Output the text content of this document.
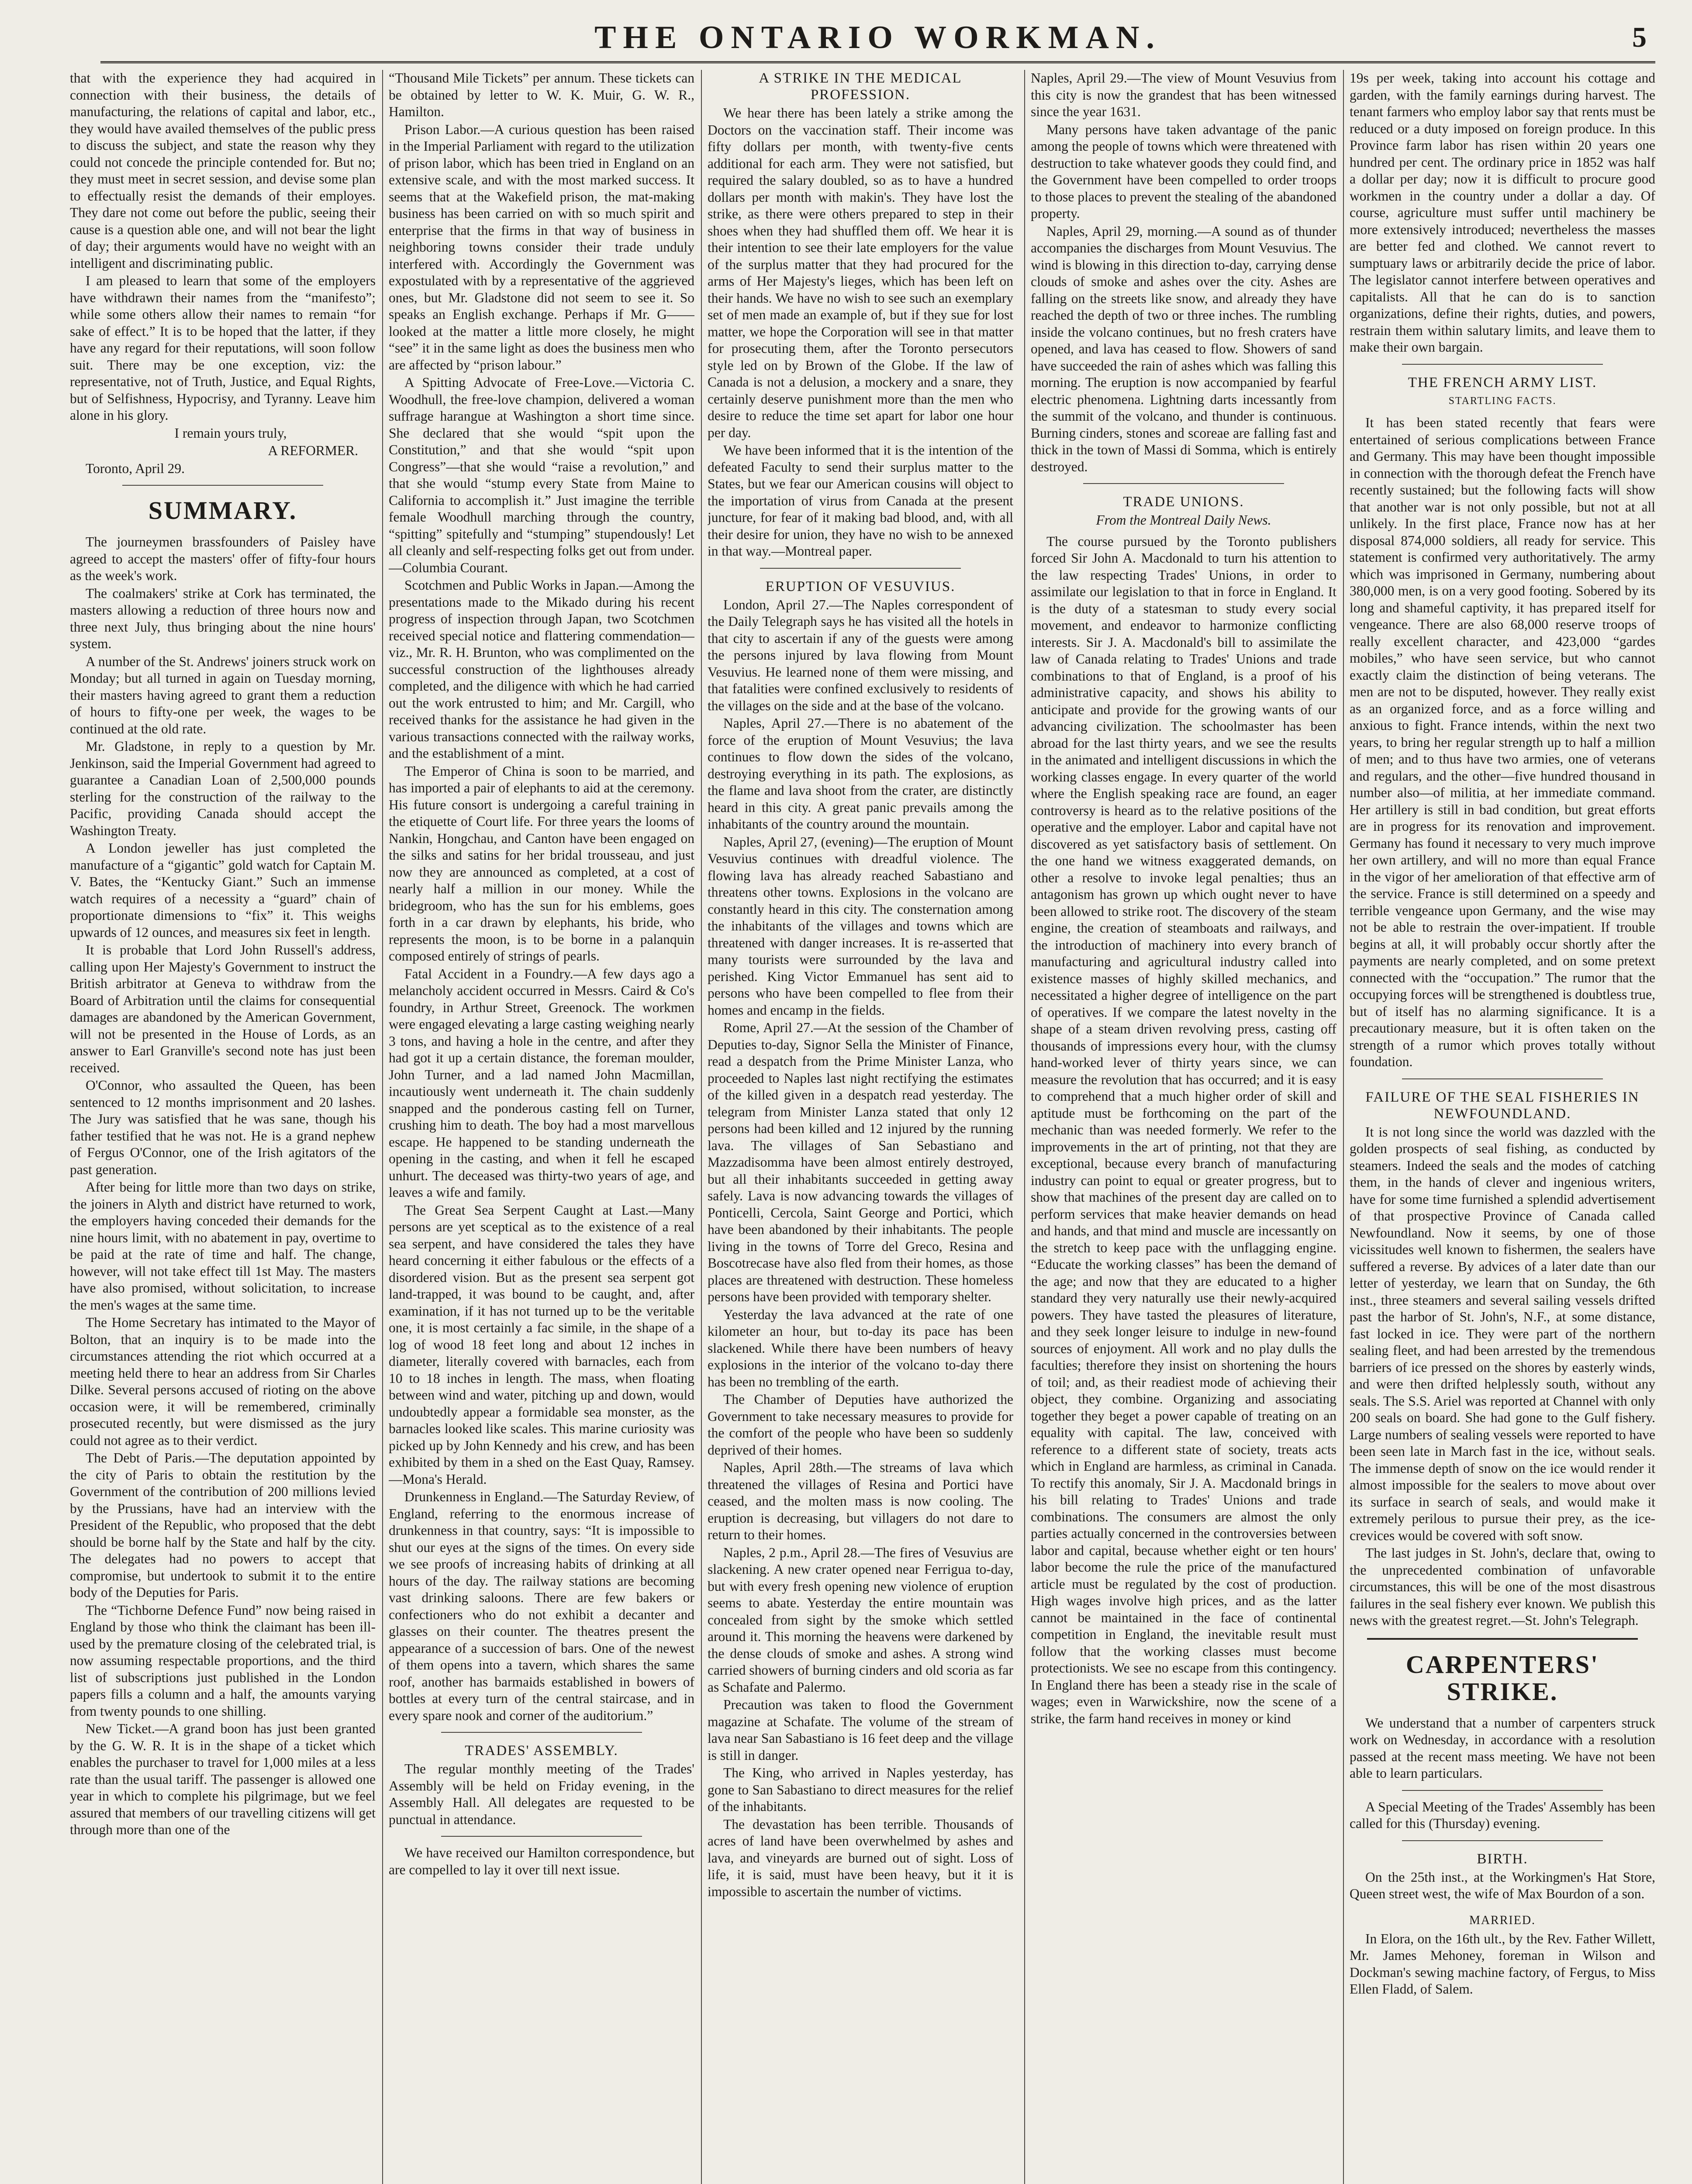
THE ONTARIO WORKMAN.	5

that with the experience they had acquired in connection with their business, the details of manufacturing, the relations of capital and labor, etc., they would have availed themselves of the public press to discuss the subject, and state the reason why they could not concede the principle contended for. But no; they must meet in secret session, and devise some plan to effectually resist the demands of their employes. They dare not come out before the public, seeing their cause is a question able one, and will not bear the light of day; their arguments would have no weight with an intelligent and discriminating public.

I am pleased to learn that some of the employers have withdrawn their names from the “manifesto”; while some others allow their names to remain “for sake of effect.” It is to be hoped that the latter, if they have any regard for their reputations, will soon follow suit. There may be one exception, viz: the representative, not of Truth, Justice, and Equal Rights, but of Selfishness, Hypocrisy, and Tyranny. Leave him alone in his glory.

I remain yours truly,

A REFORMER.

Toronto, April 29.

SUMMARY.

The journeymen brassfounders of Paisley have agreed to accept the masters' offer of fifty-four hours as the week's work.

The coalmakers' strike at Cork has terminated, the masters allowing a reduction of three hours now and three next July, thus bringing about the nine hours' system.

A number of the St. Andrews' joiners struck work on Monday; but all turned in again on Tuesday morning, their masters having agreed to grant them a reduction of hours to fifty-one per week, the wages to be continued at the old rate.

Mr. Gladstone, in reply to a question by Mr. Jenkinson, said the Imperial Government had agreed to guarantee a Canadian Loan of 2,500,000 pounds sterling for the construction of the railway to the Pacific, providing Canada should accept the Washington Treaty.

A London jeweller has just completed the manufacture of a “gigantic” gold watch for Captain M. V. Bates, the “Kentucky Giant.” Such an immense watch requires of a necessity a “guard” chain of proportionate dimensions to “fix” it. This weighs upwards of 12 ounces, and measures six feet in length.

It is probable that Lord John Russell's address, calling upon Her Majesty's Government to instruct the British arbitrator at Geneva to withdraw from the Board of Arbitration until the claims for consequential damages are abandoned by the American Government, will not be presented in the House of Lords, as an answer to Earl Granville's second note has just been received.

O'Connor, who assaulted the Queen, has been sentenced to 12 months imprisonment and 20 lashes. The Jury was satisfied that he was sane, though his father testified that he was not. He is a grand nephew of Fergus O'Connor, one of the Irish agitators of the past generation.

After being for little more than two days on strike, the joiners in Alyth and district have returned to work, the employers having conceded their demands for the nine hours limit, with no abatement in pay, overtime to be paid at the rate of time and half. The change, however, will not take effect till 1st May. The masters have also promised, without solicitation, to increase the men's wages at the same time.

The Home Secretary has intimated to the Mayor of Bolton, that an inquiry is to be made into the circumstances attending the riot which occurred at a meeting held there to hear an address from Sir Charles Dilke. Several persons accused of rioting on the above occasion were, it will be remembered, criminally prosecuted recently, but were dismissed as the jury could not agree as to their verdict.

The Debt of Paris.—The deputation appointed by the city of Paris to obtain the restitution by the Government of the contribution of 200 millions levied by the Prussians, have had an interview with the President of the Republic, who proposed that the debt should be borne half by the State and half by the city. The delegates had no powers to accept that compromise, but undertook to submit it to the entire body of the Deputies for Paris.

The “Tichborne Defence Fund” now being raised in England by those who think the claimant has been ill-used by the premature closing of the celebrated trial, is now assuming respectable proportions, and the third list of subscriptions just published in the London papers fills a column and a half, the amounts varying from twenty pounds to one shilling.

New Ticket.—A grand boon has just been granted by the G. W. R. It is in the shape of a ticket which enables the purchaser to travel for 1,000 miles at a less rate than the usual tariff. The passenger is allowed one year in which to complete his pilgrimage, but we feel assured that members of our travelling citizens will get through more than one of the

“Thousand Mile Tickets” per annum. These tickets can be obtained by letter to W. K. Muir, G. W. R., Hamilton.

Prison Labor.—A curious question has been raised in the Imperial Parliament with regard to the utilization of prison labor, which has been tried in England on an extensive scale, and with the most marked success. It seems that at the Wakefield prison, the mat-making business has been carried on with so much spirit and enterprise that the firms in that way of business in neighboring towns consider their trade unduly interfered with. Accordingly the Government was expostulated with by a representative of the aggrieved ones, but Mr. Gladstone did not seem to see it. So speaks an English exchange. Perhaps if Mr. G—— looked at the matter a little more closely, he might “see” it in the same light as does the business men who are affected by “prison labour.”

A Spitting Advocate of Free-Love.—Victoria C. Woodhull, the free-love champion, delivered a woman suffrage harangue at Washington a short time since. She declared that she would “spit upon the Constitution,” and that she would “spit upon Congress”—that she would “raise a revolution,” and that she would “stump every State from Maine to California to accomplish it.” Just imagine the terrible female Woodhull marching through the country, “spitting” spitefully and “stumping” stupendously! Let all cleanly and self-respecting folks get out from under.—Columbia Courant.

Scotchmen and Public Works in Japan.—Among the presentations made to the Mikado during his recent progress of inspection through Japan, two Scotchmen received special notice and flattering commendation—viz., Mr. R. H. Brunton, who was complimented on the successful construction of the lighthouses already completed, and the diligence with which he had carried out the work entrusted to him; and Mr. Cargill, who received thanks for the assistance he had given in the various transactions connected with the railway works, and the establishment of a mint.

The Emperor of China is soon to be married, and has imported a pair of elephants to aid at the ceremony. His future consort is undergoing a careful training in the etiquette of Court life. For three years the looms of Nankin, Hongchau, and Canton have been engaged on the silks and satins for her bridal trousseau, and just now they are announced as completed, at a cost of nearly half a million in our money. While the bridegroom, who has the sun for his emblems, goes forth in a car drawn by elephants, his bride, who represents the moon, is to be borne in a palanquin composed entirely of strings of pearls.

Fatal Accident in a Foundry.—A few days ago a melancholy accident occurred in Messrs. Caird & Co's foundry, in Arthur Street, Greenock. The workmen were engaged elevating a large casting weighing nearly 3 tons, and having a hole in the centre, and after they had got it up a certain distance, the foreman moulder, John Turner, and a lad named John Macmillan, incautiously went underneath it. The chain suddenly snapped and the ponderous casting fell on Turner, crushing him to death. The boy had a most marvellous escape. He happened to be standing underneath the opening in the casting, and when it fell he escaped unhurt. The deceased was thirty-two years of age, and leaves a wife and family.

The Great Sea Serpent Caught at Last.—Many persons are yet sceptical as to the existence of a real sea serpent, and have considered the tales they have heard concerning it either fabulous or the effects of a disordered vision. But as the present sea serpent got land-trapped, it was bound to be caught, and, after examination, if it has not turned up to be the veritable one, it is most certainly a fac simile, in the shape of a log of wood 18 feet long and about 12 inches in diameter, literally covered with barnacles, each from 10 to 18 inches in length. The mass, when floating between wind and water, pitching up and down, would undoubtedly appear a formidable sea monster, as the barnacles looked like scales. This marine curiosity was picked up by John Kennedy and his crew, and has been exhibited by them in a shed on the East Quay, Ramsey.—Mona's Herald.

Drunkenness in England.—The Saturday Review, of England, referring to the enormous increase of drunkenness in that country, says: “It is impossible to shut our eyes at the signs of the times. On every side we see proofs of increasing habits of drinking at all hours of the day. The railway stations are becoming vast drinking saloons. There are few bakers or confectioners who do not exhibit a decanter and glasses on their counter. The theatres present the appearance of a succession of bars. One of the newest of them opens into a tavern, which shares the same roof, another has barmaids established in bowers of bottles at every turn of the central staircase, and in every spare nook and corner of the auditorium.”

TRADES' ASSEMBLY.

The regular monthly meeting of the Trades' Assembly will be held on Friday evening, in the Assembly Hall. All delegates are requested to be punctual in attendance.

We have received our Hamilton correspondence, but are compelled to lay it over till next issue.

A STRIKE IN THE MEDICAL PROFESSION.

We hear there has been lately a strike among the Doctors on the vaccination staff. Their income was fifty dollars per month, with twenty-five cents additional for each arm. They were not satisfied, but required the salary doubled, so as to have a hundred dollars per month with makin's. They have lost the strike, as there were others prepared to step in their shoes when they had shuffled them off. We hear it is their intention to see their late employers for the value of the surplus matter that they had procured for the arms of Her Majesty's lieges, which has been left on their hands. We have no wish to see such an exemplary set of men made an example of, but if they sue for lost matter, we hope the Corporation will see in that matter for prosecuting them, after the Toronto persecutors style led on by Brown of the Globe. If the law of Canada is not a delusion, a mockery and a snare, they certainly deserve punishment more than the men who desire to reduce the time set apart for labor one hour per day.

We have been informed that it is the intention of the defeated Faculty to send their surplus matter to the States, but we fear our American cousins will object to the importation of virus from Canada at the present juncture, for fear of it making bad blood, and, with all their desire for union, they have no wish to be annexed in that way.—Montreal paper.

ERUPTION OF VESUVIUS.

London, April 27.—The Naples correspondent of the Daily Telegraph says he has visited all the hotels in that city to ascertain if any of the guests were among the persons injured by lava flowing from Mount Vesuvius. He learned none of them were missing, and that fatalities were confined exclusively to residents of the villages on the side and at the base of the volcano.

Naples, April 27.—There is no abatement of the force of the eruption of Mount Vesuvius; the lava continues to flow down the sides of the volcano, destroying everything in its path. The explosions, as the flame and lava shoot from the crater, are distinctly heard in this city. A great panic prevails among the inhabitants of the country around the mountain.

Naples, April 27, (evening)—The eruption of Mount Vesuvius continues with dreadful violence. The flowing lava has already reached Sabastiano and threatens other towns. Explosions in the volcano are constantly heard in this city. The consternation among the inhabitants of the villages and towns which are threatened with danger increases. It is re-asserted that many tourists were surrounded by the lava and perished. King Victor Emmanuel has sent aid to persons who have been compelled to flee from their homes and encamp in the fields.

Rome, April 27.—At the session of the Chamber of Deputies to-day, Signor Sella the Minister of Finance, read a despatch from the Prime Minister Lanza, who proceeded to Naples last night rectifying the estimates of the killed given in a despatch read yesterday. The telegram from Minister Lanza stated that only 12 persons had been killed and 12 injured by the running lava. The villages of San Sebastiano and Mazzadisomma have been almost entirely destroyed, but all their inhabitants succeeded in getting away safely. Lava is now advancing towards the villages of Ponticelli, Cercola, Saint George and Portici, which have been abandoned by their inhabitants. The people living in the towns of Torre del Greco, Resina and Boscotrecase have also fled from their homes, as those places are threatened with destruction. These homeless persons have been provided with temporary shelter.

Yesterday the lava advanced at the rate of one kilometer an hour, but to-day its pace has been slackened. While there have been numbers of heavy explosions in the interior of the volcano to-day there has been no trembling of the earth.

The Chamber of Deputies have authorized the Government to take necessary measures to provide for the comfort of the people who have been so suddenly deprived of their homes.

Naples, April 28th.—The streams of lava which threatened the villages of Resina and Portici have ceased, and the molten mass is now cooling. The eruption is decreasing, but villagers do not dare to return to their homes.

Naples, 2 p.m., April 28.—The fires of Vesuvius are slackening. A new crater opened near Ferrigua to-day, but with every fresh opening new violence of eruption seems to abate. Yesterday the entire mountain was concealed from sight by the smoke which settled around it. This morning the heavens were darkened by the dense clouds of smoke and ashes. A strong wind carried showers of burning cinders and old scoria as far as Schafate and Palermo.

Precaution was taken to flood the Government magazine at Schafate. The volume of the stream of lava near San Sabastiano is 16 feet deep and the village is still in danger.

The King, who arrived in Naples yesterday, has gone to San Sabastiano to direct measures for the relief of the inhabitants.

The devastation has been terrible. Thousands of acres of land have been overwhelmed by ashes and lava, and vineyards are burned out of sight. Loss of life, it is said, must have been heavy, but it it is impossible to ascertain the number of victims.

Naples, April 29.—The view of Mount Vesuvius from this city is now the grandest that has been witnessed since the year 1631.

Many persons have taken advantage of the panic among the people of towns which were threatened with destruction to take whatever goods they could find, and the Government have been compelled to order troops to those places to prevent the stealing of the abandoned property.

Naples, April 29, morning.—A sound as of thunder accompanies the discharges from Mount Vesuvius. The wind is blowing in this direction to-day, carrying dense clouds of smoke and ashes over the city. Ashes are falling on the streets like snow, and already they have reached the depth of two or three inches. The rumbling inside the volcano continues, but no fresh craters have opened, and lava has ceased to flow. Showers of sand have succeeded the rain of ashes which was falling this morning. The eruption is now accompanied by fearful electric phenomena. Lightning darts incessantly from the summit of the volcano, and thunder is continuous. Burning cinders, stones and scoreae are falling fast and thick in the town of Massi di Somma, which is entirely destroyed.

TRADE UNIONS.

From the Montreal Daily News.

The course pursued by the Toronto publishers forced Sir John A. Macdonald to turn his attention to the law respecting Trades' Unions, in order to assimilate our legislation to that in force in England. It is the duty of a statesman to study every social movement, and endeavor to harmonize conflicting interests. Sir J. A. Macdonald's bill to assimilate the law of Canada relating to Trades' Unions and trade combinations to that of England, is a proof of his administrative capacity, and shows his ability to anticipate and provide for the growing wants of our advancing civilization. The schoolmaster has been abroad for the last thirty years, and we see the results in the animated and intelligent discussions in which the working classes engage. In every quarter of the world where the English speaking race are found, an eager controversy is heard as to the relative positions of the operative and the employer. Labor and capital have not discovered as yet satisfactory basis of settlement. On the one hand we witness exaggerated demands, on other a resolve to invoke legal penalties; thus an antagonism has grown up which ought never to have been allowed to strike root. The discovery of the steam engine, the creation of steamboats and railways, and the introduction of machinery into every branch of manufacturing and agricultural industry called into existence masses of highly skilled mechanics, and necessitated a higher degree of intelligence on the part of operatives. If we compare the latest novelty in the shape of a steam driven revolving press, casting off thousands of impressions every hour, with the clumsy hand-worked lever of thirty years since, we can measure the revolution that has occurred; and it is easy to comprehend that a much higher order of skill and aptitude must be forthcoming on the part of the mechanic than was needed formerly. We refer to the improvements in the art of printing, not that they are exceptional, because every branch of manufacturing industry can point to equal or greater progress, but to show that machines of the present day are called on to perform services that make heavier demands on head and hands, and that mind and muscle are incessantly on the stretch to keep pace with the unflagging engine. “Educate the working classes” has been the demand of the age; and now that they are educated to a higher standard they very naturally use their newly-acquired powers. They have tasted the pleasures of literature, and they seek longer leisure to indulge in new-found sources of enjoyment. All work and no play dulls the faculties; therefore they insist on shortening the hours of toil; and, as their readiest mode of achieving their object, they combine. Organizing and associating together they beget a power capable of treating on an equality with capital. The law, conceived with reference to a different state of society, treats acts which in England are harmless, as criminal in Canada. To rectify this anomaly, Sir J. A. Macdonald brings in his bill relating to Trades' Unions and trade combinations. The consumers are almost the only parties actually concerned in the controversies between labor and capital, because whether eight or ten hours' labor become the rule the price of the manufactured article must be regulated by the cost of production. High wages involve high prices, and as the latter cannot be maintained in the face of continental competition in England, the inevitable result must follow that the working classes must become protectionists. We see no escape from this contingency. In England there has been a steady rise in the scale of wages; even in Warwickshire, now the scene of a strike, the farm hand receives in money or kind

19s per week, taking into account his cottage and garden, with the family earnings during harvest. The tenant farmers who employ labor say that rents must be reduced or a duty imposed on foreign produce. In this Province farm labor has risen within 20 years one hundred per cent. The ordinary price in 1852 was half a dollar per day; now it is difficult to procure good workmen in the country under a dollar a day. Of course, agriculture must suffer until machinery be more extensively introduced; nevertheless the masses are better fed and clothed. We cannot revert to sumptuary laws or arbitrarily decide the price of labor. The legislator cannot interfere between operatives and capitalists. All that he can do is to sanction organizations, define their rights, duties, and powers, restrain them within salutary limits, and leave them to make their own bargain.

THE FRENCH ARMY LIST.
STARTLING FACTS.

It has been stated recently that fears were entertained of serious complications between France and Germany. This may have been thought impossible in connection with the thorough defeat the French have recently sustained; but the following facts will show that another war is not only possible, but not at all unlikely. In the first place, France now has at her disposal 874,000 soldiers, all ready for service. This statement is confirmed very authoritatively. The army which was imprisoned in Germany, numbering about 380,000 men, is on a very good footing. Sobered by its long and shameful captivity, it has prepared itself for vengeance. There are also 68,000 reserve troops of really excellent character, and 423,000 “gardes mobiles,” who have seen service, but who cannot exactly claim the distinction of being veterans. The men are not to be disputed, however. They really exist as an organized force, and as a force willing and anxious to fight. France intends, within the next two years, to bring her regular strength up to half a million of men; and to thus have two armies, one of veterans and regulars, and the other—five hundred thousand in number also—of militia, at her immediate command. Her artillery is still in bad condition, but great efforts are in progress for its renovation and improvement. Germany has found it necessary to very much improve her own artillery, and will no more than equal France in the vigor of her amelioration of that effective arm of the service. France is still determined on a speedy and terrible vengeance upon Germany, and the wise may not be able to restrain the over-impatient. If trouble begins at all, it will probably occur shortly after the payments are nearly completed, and on some pretext connected with the “occupation.” The rumor that the occupying forces will be strengthened is doubtless true, but of itself has no alarming significance. It is a precautionary measure, but it is often taken on the strength of a rumor which proves totally without foundation.

FAILURE OF THE SEAL FISHERIES IN NEWFOUNDLAND.

It is not long since the world was dazzled with the golden prospects of seal fishing, as conducted by steamers. Indeed the seals and the modes of catching them, in the hands of clever and ingenious writers, have for some time furnished a splendid advertisement of that prospective Province of Canada called Newfoundland. Now it seems, by one of those vicissitudes well known to fishermen, the sealers have suffered a reverse. By advices of a later date than our letter of yesterday, we learn that on Sunday, the 6th inst., three steamers and several sailing vessels drifted past the harbor of St. John's, N.F., at some distance, fast locked in ice. They were part of the northern sealing fleet, and had been arrested by the tremendous barriers of ice pressed on the shores by easterly winds, and were then drifted helplessly south, without any seals. The S.S. Ariel was reported at Channel with only 200 seals on board. She had gone to the Gulf fishery. Large numbers of sealing vessels were reported to have been seen late in March fast in the ice, without seals. The immense depth of snow on the ice would render it almost impossible for the sealers to move about over its surface in search of seals, and would make it extremely perilous to pursue their prey, as the ice-crevices would be covered with soft snow.

The last judges in St. John's, declare that, owing to the unprecedented combination of unfavorable circumstances, this will be one of the most disastrous failures in the seal fishery ever known. We publish this news with the greatest regret.—St. John's Telegraph.

CARPENTERS' STRIKE.

We understand that a number of carpenters struck work on Wednesday, in accordance with a resolution passed at the recent mass meeting. We have not been able to learn particulars.

A Special Meeting of the Trades' Assembly has been called for this (Thursday) evening.

BIRTH.

On the 25th inst., at the Workingmen's Hat Store, Queen street west, the wife of Max Bourdon of a son.

MARRIED.

In Elora, on the 16th ult., by the Rev. Father Willett, Mr. James Mehoney, foreman in Wilson and Dockman's sewing machine factory, of Fergus, to Miss Ellen Fladd, of Salem.
